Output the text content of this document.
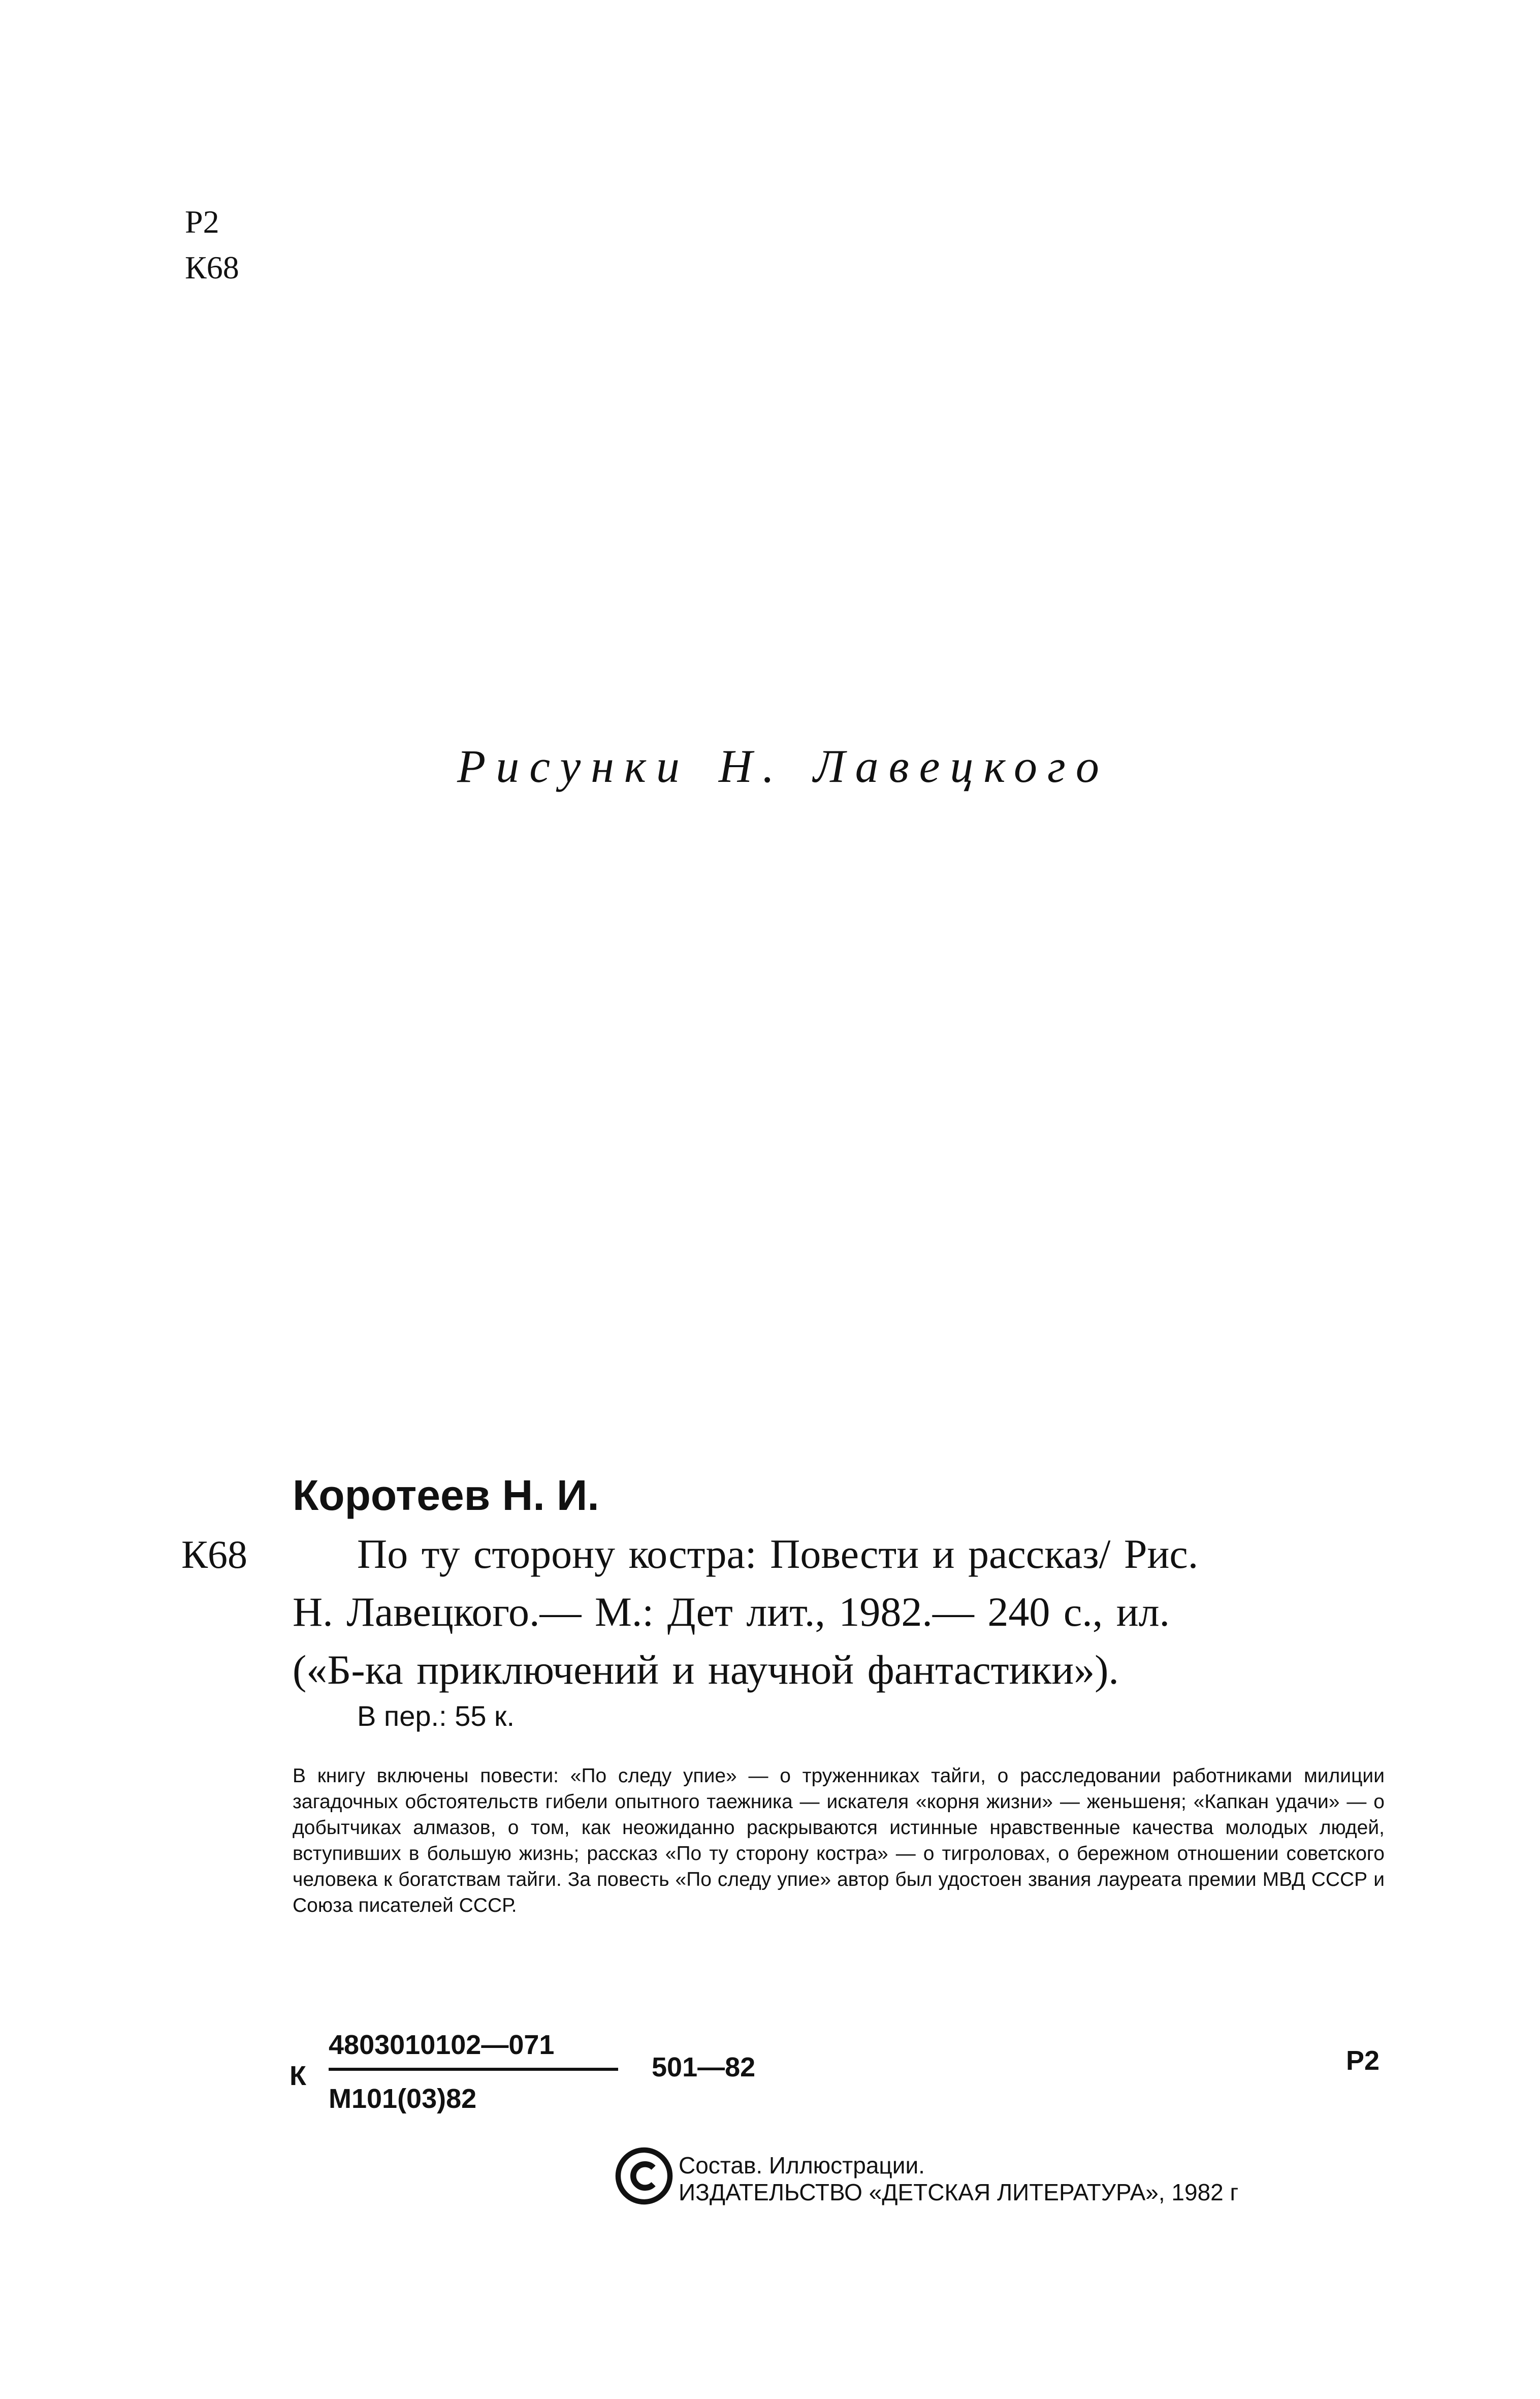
Р2
К68
Рисунки Н. Лавецкого
Коротеев Н. И.
К68	По ту сторону костра: Повести и рассказ/ Рис.
Н. Лавецкого.— М.: Дет лит., 1982.— 240 с., ил.
(«Б-ка приключений и научной фантастики»).
В пер.: 55 к.
В книгу включены повести: «По следу упие» — о труженниках тайги, о расследовании работниками милиции загадочных обстоятельств гибели опытного таежника — искателя «корня жизни» — женьшеня; «Капкан удачи» — о добытчиках алмазов, о том, как неожиданно раскрываются истинные нравственные качества молодых людей, вступивших в большую жизнь; рассказ «По ту сторону костра» — о тигроловах, о бережном отношении советского человека к богатствам тайги. За повесть «По следу упие» автор был удостоен звания лауреата премии МВД СССР и Союза писателей СССР.
К
4803010102—071
М101(03)82
501—82	Р2
Состав. Иллюстрации.
ИЗДАТЕЛЬСТВО «ДЕТСКАЯ ЛИТЕРАТУРА», 1982 г
